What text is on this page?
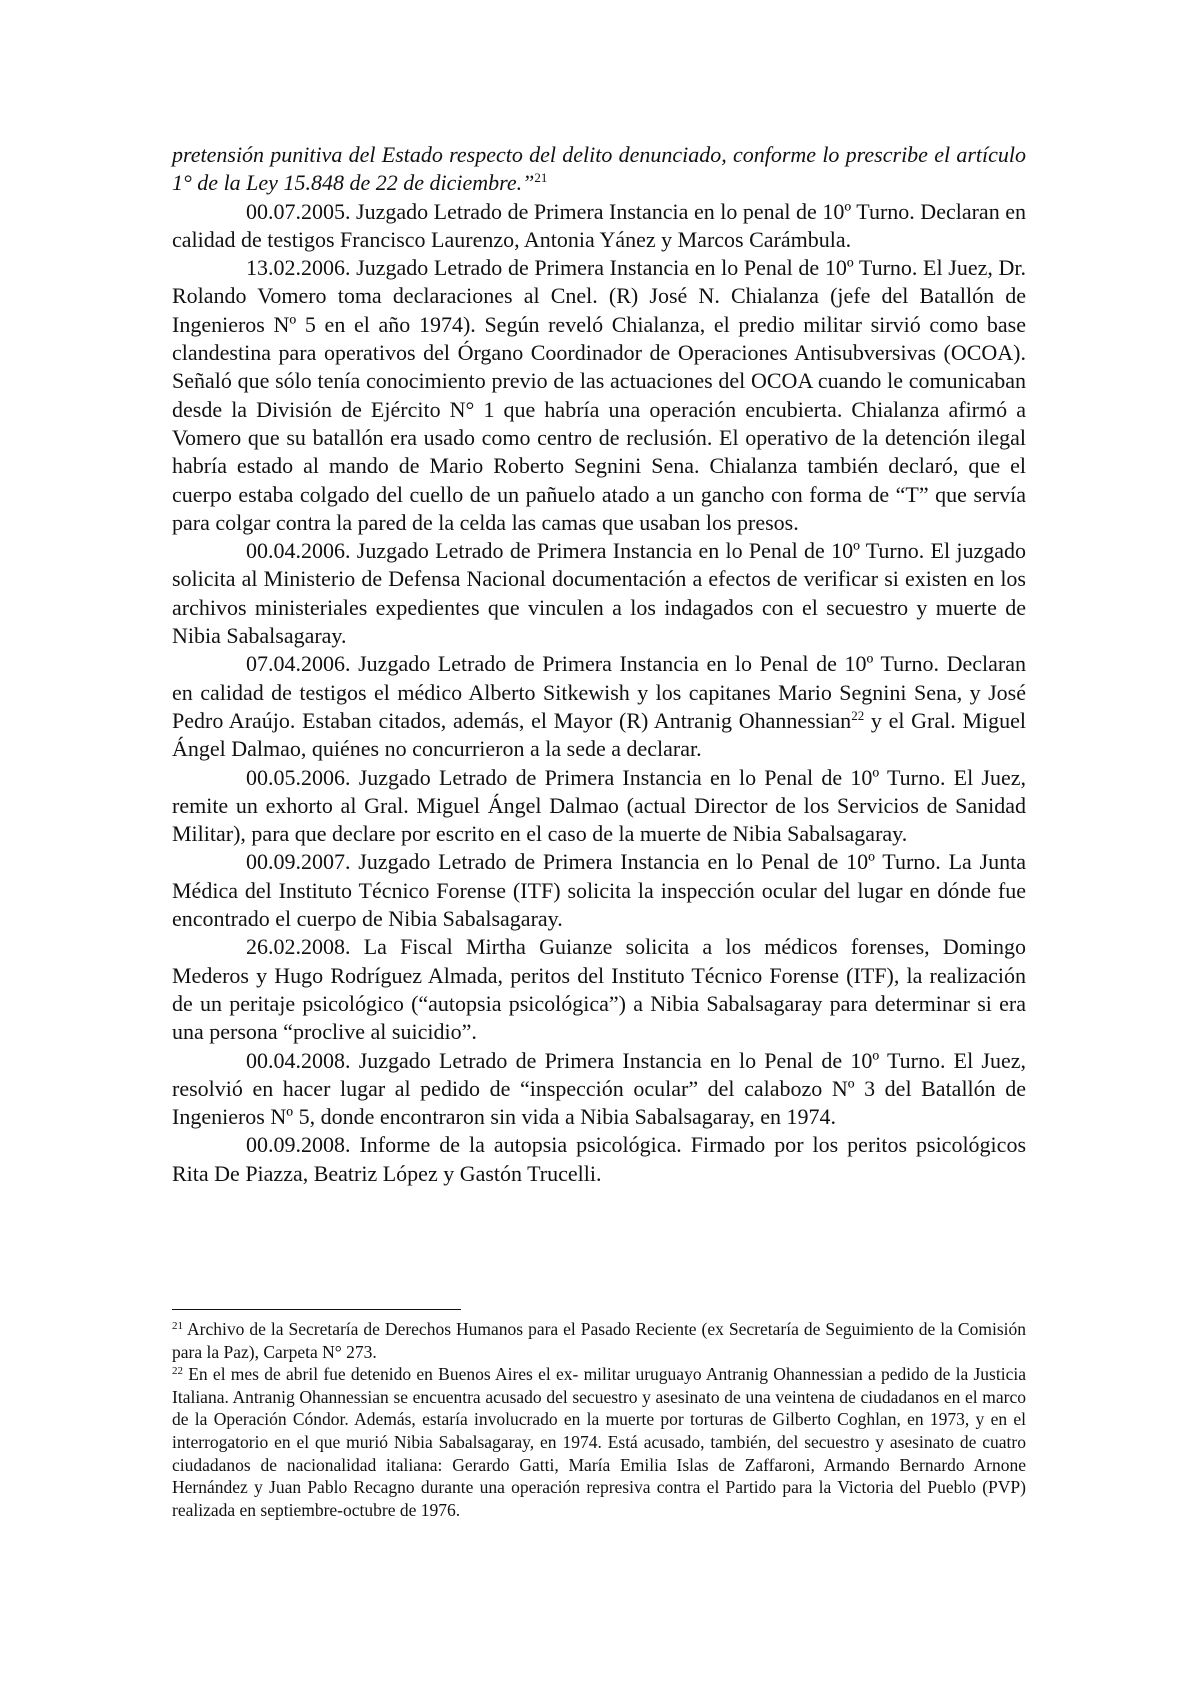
pretensión punitiva del Estado respecto del delito denunciado, conforme lo prescribe el artículo 1° de la Ley 15.848 de 22 de diciembre.”$^{21}$

00.07.2005. Juzgado Letrado de Primera Instancia en lo penal de 10º Turno. Declaran en calidad de testigos Francisco Laurenzo, Antonia Yánez y Marcos Carámbula.

13.02.2006. Juzgado Letrado de Primera Instancia en lo Penal de 10º Turno. El Juez, Dr. Rolando Vomero toma declaraciones al Cnel. (R) José N. Chialanza (jefe del Batallón de Ingenieros Nº 5 en el año 1974). Según reveló Chialanza, el predio militar sirvió como base clandestina para operativos del Órgano Coordinador de Operaciones Antisubversivas (OCOA). Señaló que sólo tenía conocimiento previo de las actuaciones del OCOA cuando le comunicaban desde la División de Ejército N° 1 que habría una operación encubierta. Chialanza afirmó a Vomero que su batallón era usado como centro de reclusión. El operativo de la detención ilegal habría estado al mando de Mario Roberto Segnini Sena. Chialanza también declaró, que el cuerpo estaba colgado del cuello de un pañuelo atado a un gancho con forma de “T” que servía para colgar contra la pared de la celda las camas que usaban los presos.

00.04.2006. Juzgado Letrado de Primera Instancia en lo Penal de 10º Turno. El juzgado solicita al Ministerio de Defensa Nacional documentación a efectos de verificar si existen en los archivos ministeriales expedientes que vinculen a los indagados con el secuestro y muerte de Nibia Sabalsagaray.

07.04.2006. Juzgado Letrado de Primera Instancia en lo Penal de 10º Turno. Declaran en calidad de testigos el médico Alberto Sitkewish y los capitanes Mario Segnini Sena, y José Pedro Araújo. Estaban citados, además, el Mayor (R) Antranig Ohannessian$^{22}$ y el Gral. Miguel Ángel Dalmao, quiénes no concurrieron a la sede a declarar.

00.05.2006. Juzgado Letrado de Primera Instancia en lo Penal de 10º Turno. El Juez, remite un exhorto al Gral. Miguel Ángel Dalmao (actual Director de los Servicios de Sanidad Militar), para que declare por escrito en el caso de la muerte de Nibia Sabalsagaray.

00.09.2007. Juzgado Letrado de Primera Instancia en lo Penal de 10º Turno. La Junta Médica del Instituto Técnico Forense (ITF) solicita la inspección ocular del lugar en dónde fue encontrado el cuerpo de Nibia Sabalsagaray.

26.02.2008. La Fiscal Mirtha Guianze solicita a los médicos forenses, Domingo Mederos y Hugo Rodríguez Almada, peritos del Instituto Técnico Forense (ITF), la realización de un peritaje psicológico (“autopsia psicológica”) a Nibia Sabalsagaray para determinar si era una persona “proclive al suicidio”.

00.04.2008. Juzgado Letrado de Primera Instancia en lo Penal de 10º Turno. El Juez, resolvió en hacer lugar al pedido de “inspección ocular” del calabozo Nº 3 del Batallón de Ingenieros Nº 5, donde encontraron sin vida a Nibia Sabalsagaray, en 1974.

00.09.2008. Informe de la autopsia psicológica. Firmado por los peritos psicológicos Rita De Piazza, Beatriz López y Gastón Trucelli.

$^{21}$ Archivo de la Secretaría de Derechos Humanos para el Pasado Reciente (ex Secretaría de Seguimiento de la Comisión para la Paz), Carpeta N° 273.

$^{22}$ En el mes de abril fue detenido en Buenos Aires el ex- militar uruguayo Antranig Ohannessian a pedido de la Justicia Italiana. Antranig Ohannessian se encuentra acusado del secuestro y asesinato de una veintena de ciudadanos en el marco de la Operación Cóndor. Además, estaría involucrado en la muerte por torturas de Gilberto Coghlan, en 1973, y en el interrogatorio en el que murió Nibia Sabalsagaray, en 1974. Está acusado, también, del secuestro y asesinato de cuatro ciudadanos de nacionalidad italiana: Gerardo Gatti, María Emilia Islas de Zaffaroni, Armando Bernardo Arnone Hernández y Juan Pablo Recagno durante una operación represiva contra el Partido para la Victoria del Pueblo (PVP) realizada en septiembre-octubre de 1976.
